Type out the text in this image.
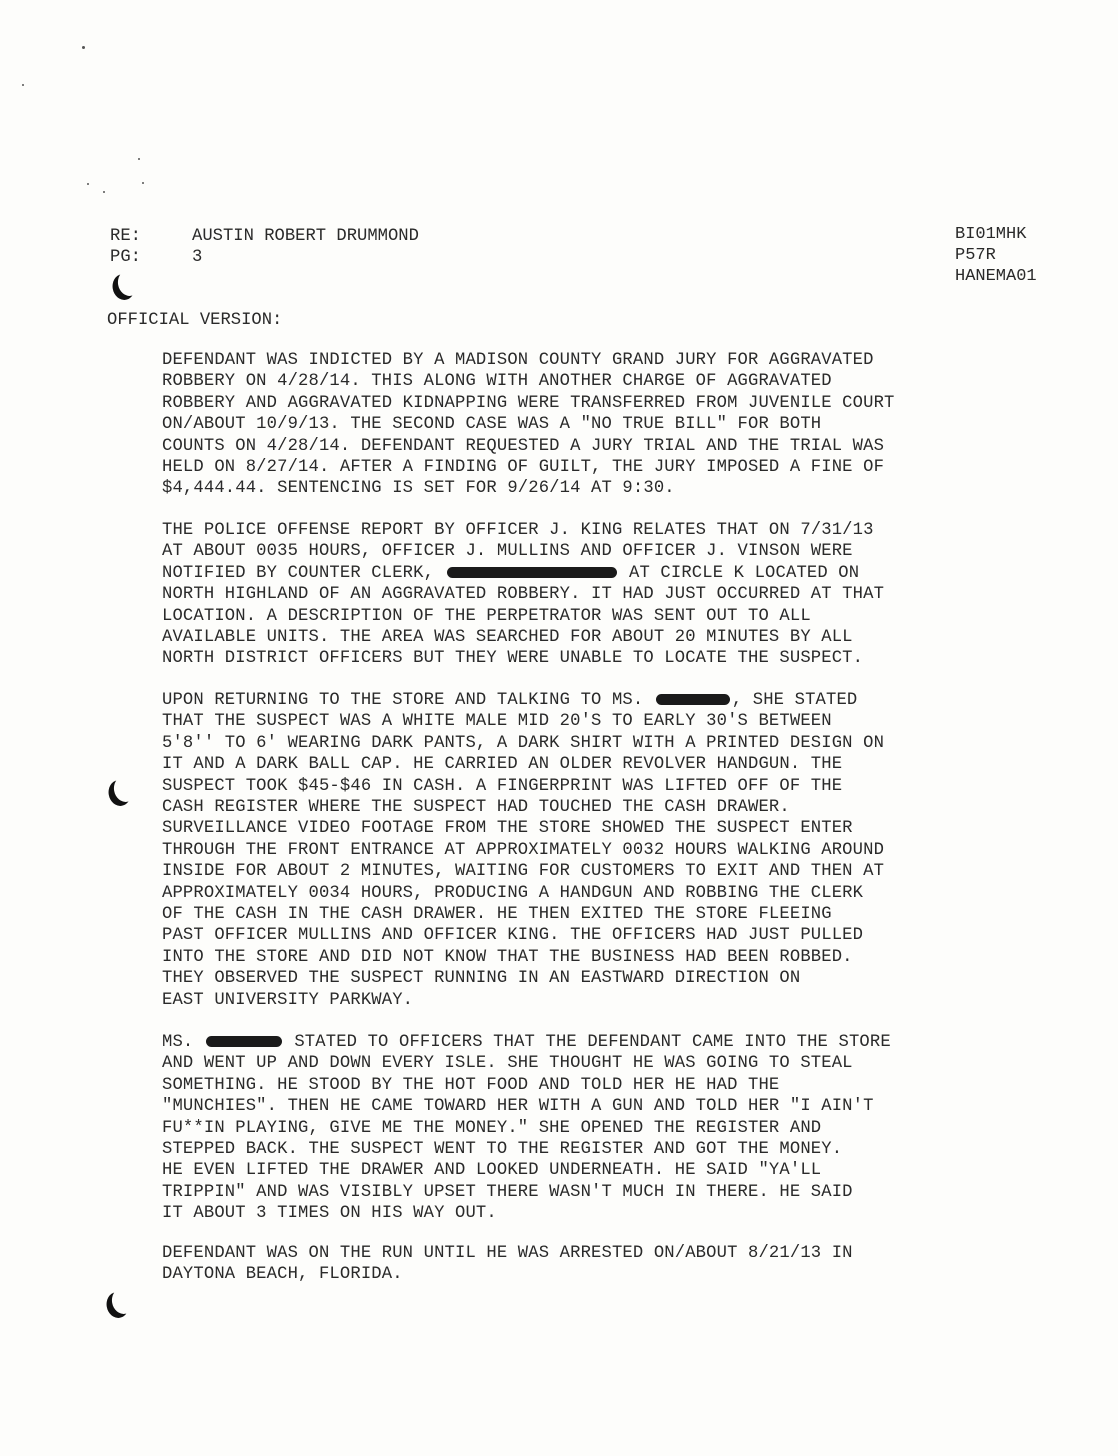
RE:	AUSTIN ROBERT DRUMMOND
PG:	3
BI01MHK
P57R
HANEMA01
OFFICIAL VERSION:
DEFENDANT WAS INDICTED BY A MADISON COUNTY GRAND JURY FOR AGGRAVATED
ROBBERY ON 4/28/14. THIS ALONG WITH ANOTHER CHARGE OF AGGRAVATED
ROBBERY AND AGGRAVATED KIDNAPPING WERE TRANSFERRED FROM JUVENILE COURT
ON/ABOUT 10/9/13. THE SECOND CASE WAS A "NO TRUE BILL" FOR BOTH
COUNTS ON 4/28/14. DEFENDANT REQUESTED A JURY TRIAL AND THE TRIAL WAS
HELD ON 8/27/14. AFTER A FINDING OF GUILT, THE JURY IMPOSED A FINE OF
$4,444.44. SENTENCING IS SET FOR 9/26/14 AT 9:30.
THE POLICE OFFENSE REPORT BY OFFICER J. KING RELATES THAT ON 7/31/13
AT ABOUT 0035 HOURS, OFFICER J. MULLINS AND OFFICER J. VINSON WERE
NOTIFIED BY COUNTER CLERK,	AT CIRCLE K LOCATED ON
NORTH HIGHLAND OF AN AGGRAVATED ROBBERY. IT HAD JUST OCCURRED AT THAT
LOCATION. A DESCRIPTION OF THE PERPETRATOR WAS SENT OUT TO ALL
AVAILABLE UNITS. THE AREA WAS SEARCHED FOR ABOUT 20 MINUTES BY ALL
NORTH DISTRICT OFFICERS BUT THEY WERE UNABLE TO LOCATE THE SUSPECT.
UPON RETURNING TO THE STORE AND TALKING TO MS.	, SHE STATED
THAT THE SUSPECT WAS A WHITE MALE MID 20'S TO EARLY 30'S BETWEEN
5'8'' TO 6' WEARING DARK PANTS, A DARK SHIRT WITH A PRINTED DESIGN ON
IT AND A DARK BALL CAP. HE CARRIED AN OLDER REVOLVER HANDGUN. THE
SUSPECT TOOK $45-$46 IN CASH. A FINGERPRINT WAS LIFTED OFF OF THE
CASH REGISTER WHERE THE SUSPECT HAD TOUCHED THE CASH DRAWER.
SURVEILLANCE VIDEO FOOTAGE FROM THE STORE SHOWED THE SUSPECT ENTER
THROUGH THE FRONT ENTRANCE AT APPROXIMATELY 0032 HOURS WALKING AROUND
INSIDE FOR ABOUT 2 MINUTES, WAITING FOR CUSTOMERS TO EXIT AND THEN AT
APPROXIMATELY 0034 HOURS, PRODUCING A HANDGUN AND ROBBING THE CLERK
OF THE CASH IN THE CASH DRAWER. HE THEN EXITED THE STORE FLEEING
PAST OFFICER MULLINS AND OFFICER KING. THE OFFICERS HAD JUST PULLED
INTO THE STORE AND DID NOT KNOW THAT THE BUSINESS HAD BEEN ROBBED.
THEY OBSERVED THE SUSPECT RUNNING IN AN EASTWARD DIRECTION ON
EAST UNIVERSITY PARKWAY.
MS.	STATED TO OFFICERS THAT THE DEFENDANT CAME INTO THE STORE
AND WENT UP AND DOWN EVERY ISLE. SHE THOUGHT HE WAS GOING TO STEAL
SOMETHING. HE STOOD BY THE HOT FOOD AND TOLD HER HE HAD THE
"MUNCHIES". THEN HE CAME TOWARD HER WITH A GUN AND TOLD HER "I AIN'T
FU**IN PLAYING, GIVE ME THE MONEY." SHE OPENED THE REGISTER AND
STEPPED BACK. THE SUSPECT WENT TO THE REGISTER AND GOT THE MONEY.
HE EVEN LIFTED THE DRAWER AND LOOKED UNDERNEATH. HE SAID "YA'LL
TRIPPIN" AND WAS VISIBLY UPSET THERE WASN'T MUCH IN THERE. HE SAID
IT ABOUT 3 TIMES ON HIS WAY OUT.
DEFENDANT WAS ON THE RUN UNTIL HE WAS ARRESTED ON/ABOUT 8/21/13 IN
DAYTONA BEACH, FLORIDA.
